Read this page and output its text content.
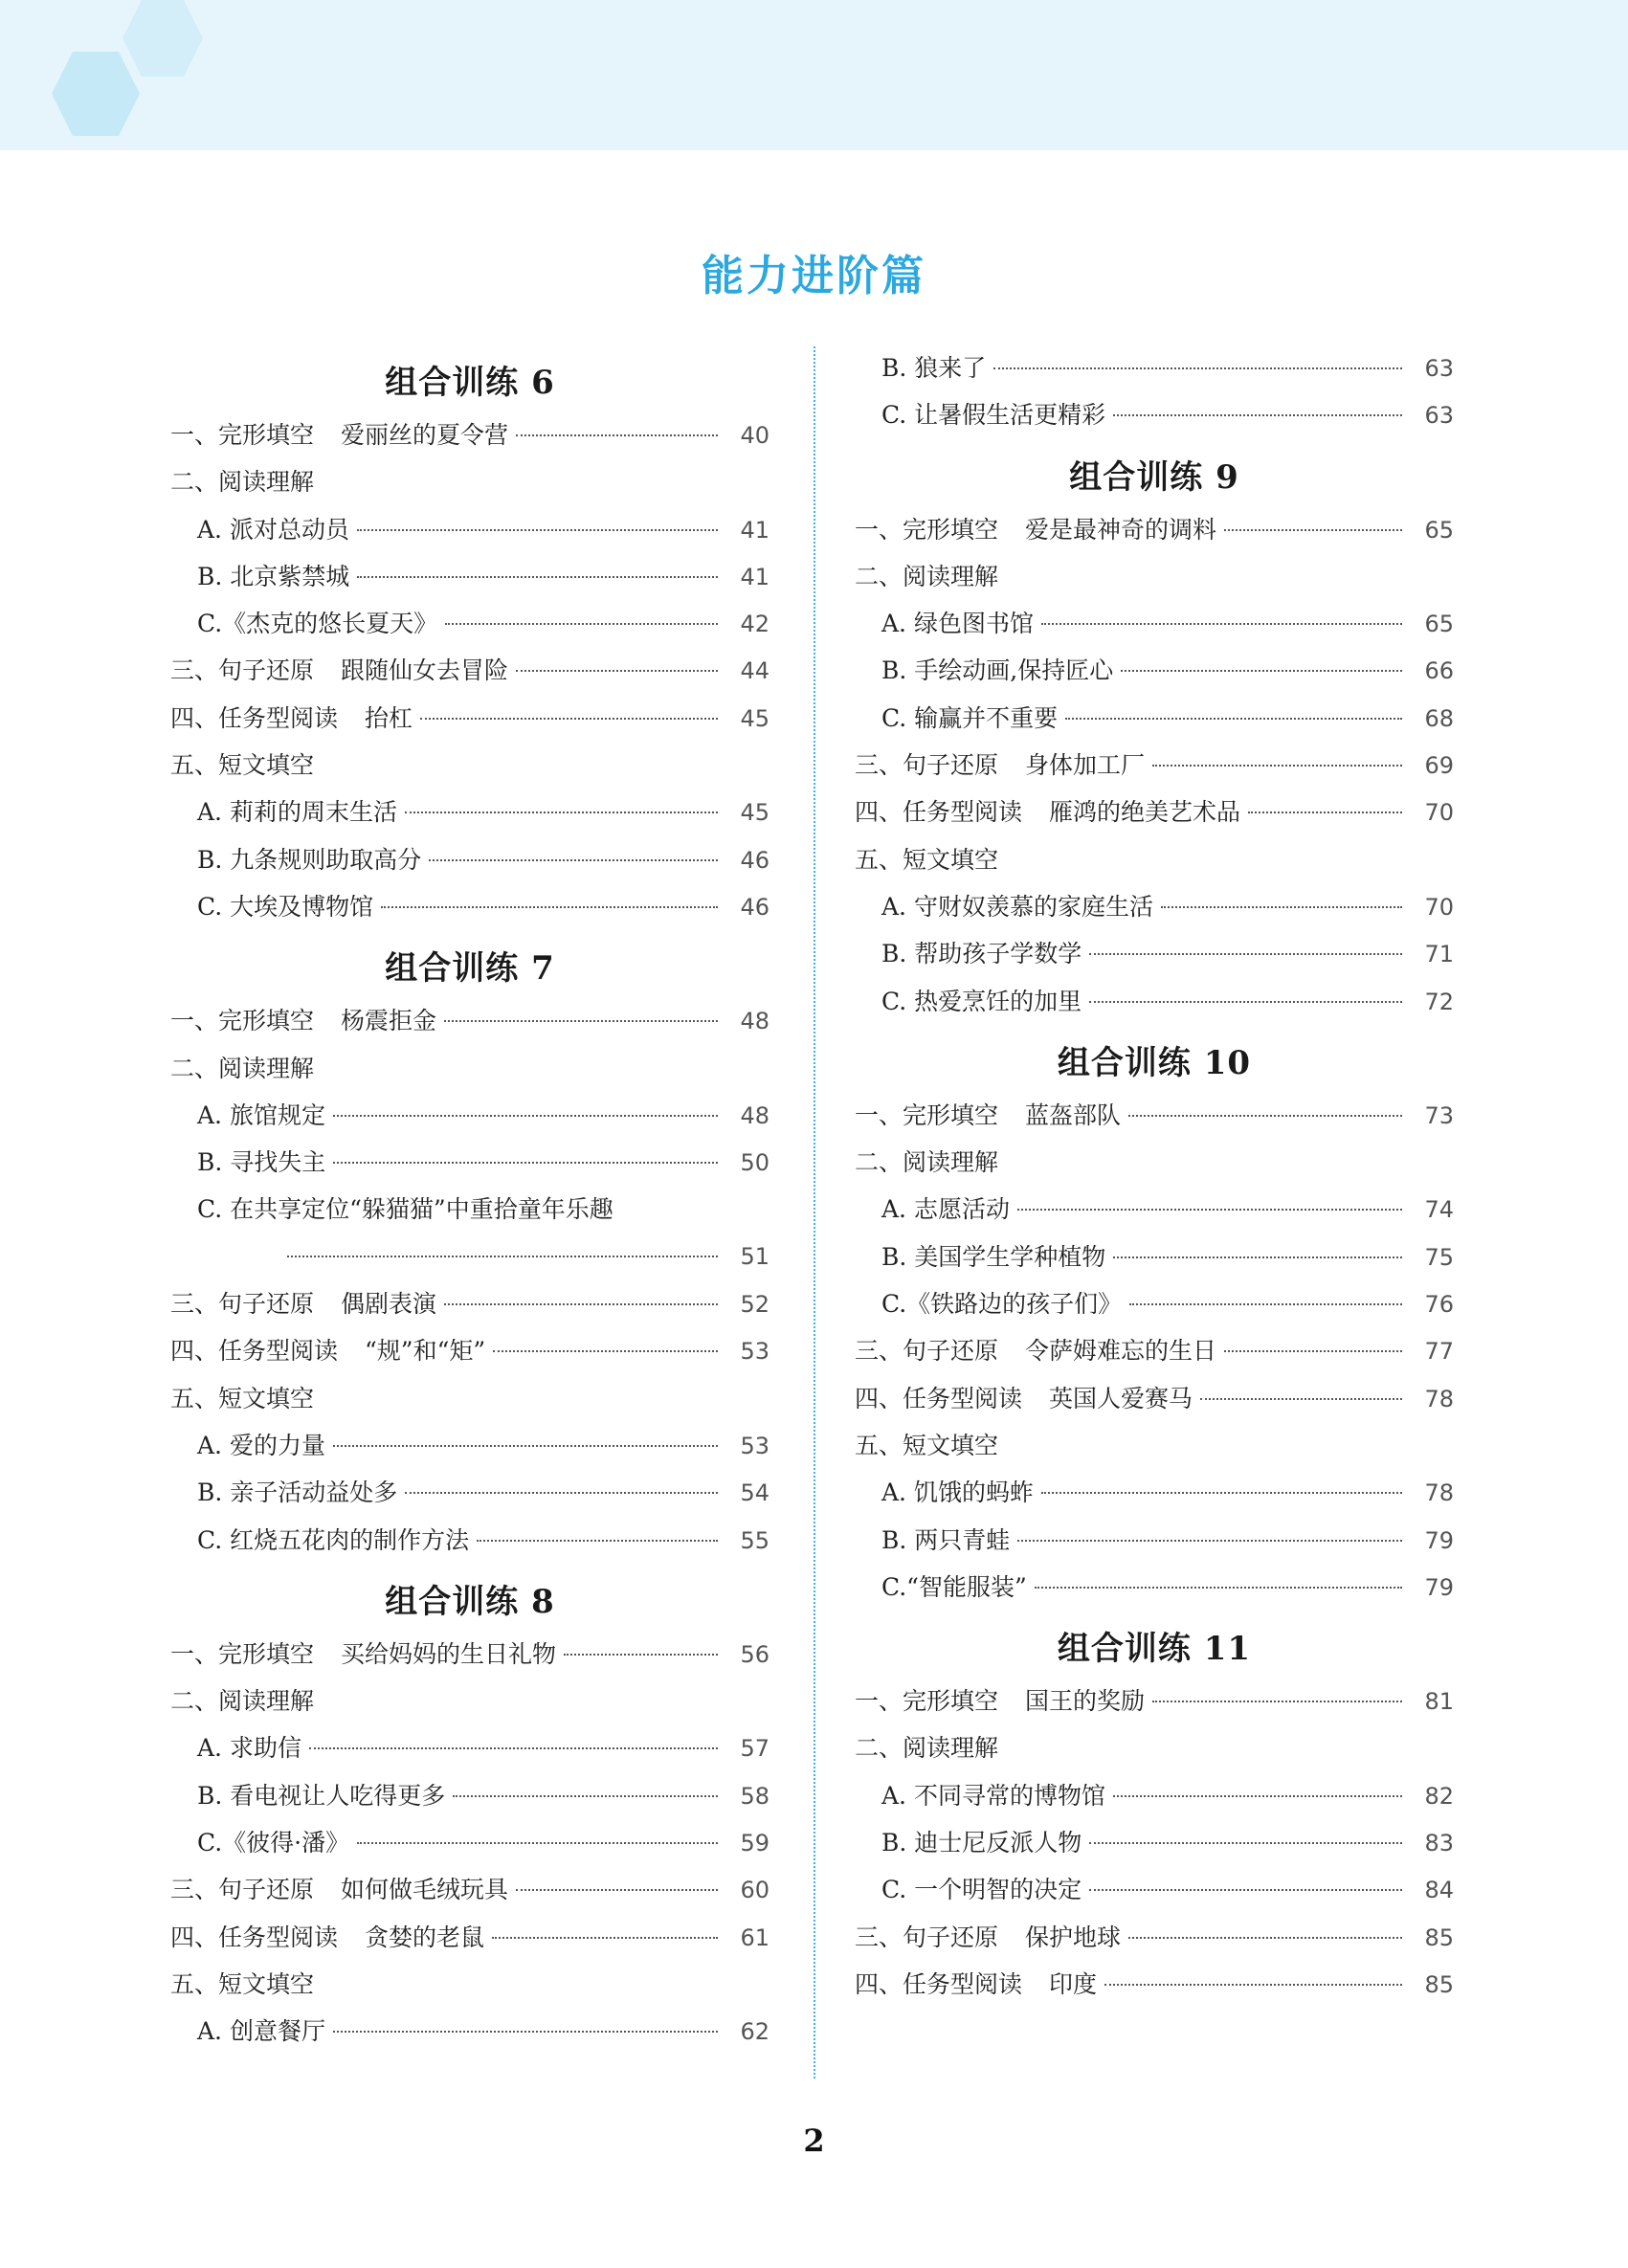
能力进阶篇
组合训练 6
一、完形填空 爱丽丝的夏令营	40
二、阅读理解
A. 派对总动员	41
B. 北京紫禁城	41
C.《杰克的悠长夏天》	42
三、句子还原 跟随仙女去冒险	44
四、任务型阅读 抬杠	45
五、短文填空
A. 莉莉的周末生活	45
B. 九条规则助取高分	46
C. 大埃及博物馆	46
组合训练 7
一、完形填空 杨震拒金	48
二、阅读理解
A. 旅馆规定	48
B. 寻找失主	50
C. 在共享定位“躲猫猫”中重拾童年乐趣
51
三、句子还原 偶剧表演	52
四、任务型阅读 “规”和“矩”	53
五、短文填空
A. 爱的力量	53
B. 亲子活动益处多	54
C. 红烧五花肉的制作方法	55
组合训练 8
一、完形填空 买给妈妈的生日礼物	56
二、阅读理解
A. 求助信	57
B. 看电视让人吃得更多	58
C.《彼得·潘》	59
三、句子还原 如何做毛绒玩具	60
四、任务型阅读 贪婪的老鼠	61
五、短文填空
A. 创意餐厅	62
B. 狼来了	63
C. 让暑假生活更精彩	63
组合训练 9
一、完形填空 爱是最神奇的调料	65
二、阅读理解
A. 绿色图书馆	65
B. 手绘动画,保持匠心	66
C. 输赢并不重要	68
三、句子还原 身体加工厂	69
四、任务型阅读 雁鸿的绝美艺术品	70
五、短文填空
A. 守财奴羡慕的家庭生活	70
B. 帮助孩子学数学	71
C. 热爱烹饪的加里	72
组合训练 10
一、完形填空 蓝盔部队	73
二、阅读理解
A. 志愿活动	74
B. 美国学生学种植物	75
C.《铁路边的孩子们》	76
三、句子还原 令萨姆难忘的生日	77
四、任务型阅读 英国人爱赛马	78
五、短文填空
A. 饥饿的蚂蚱	78
B. 两只青蛙	79
C.“智能服装”	79
组合训练 11
一、完形填空 国王的奖励	81
二、阅读理解
A. 不同寻常的博物馆	82
B. 迪士尼反派人物	83
C. 一个明智的决定	84
三、句子还原 保护地球	85
四、任务型阅读 印度	85
2
